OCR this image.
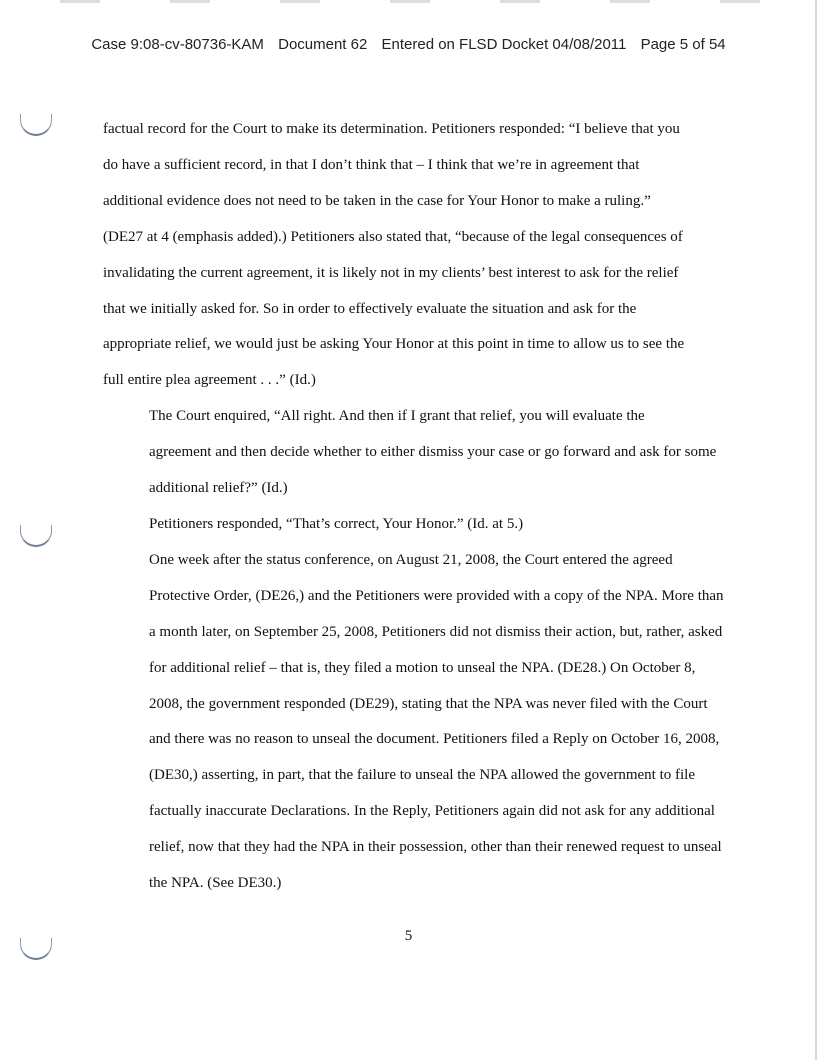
Case 9:08-cv-80736-KAM Document 62 Entered on FLSD Docket 04/08/2011 Page 5 of 54

factual record for the Court to make its determination. Petitioners responded: “I believe that you
do have a sufficient record, in that I don’t think that – I think that we’re in agreement that
additional evidence does not need to be taken in the case for Your Honor to make a ruling.”
(DE27 at 4 (emphasis added).) Petitioners also stated that, “because of the legal consequences of
invalidating the current agreement, it is likely not in my clients’ best interest to ask for the relief
that we initially asked for. So in order to effectively evaluate the situation and ask for the
appropriate relief, we would just be asking Your Honor at this point in time to allow us to see the
full entire plea agreement . . .” (Id.)

The Court enquired, “All right. And then if I grant that relief, you will evaluate the
agreement and then decide whether to either dismiss your case or go forward and ask for some
additional relief?” (Id.)

Petitioners responded, “That’s correct, Your Honor.” (Id. at 5.)

One week after the status conference, on August 21, 2008, the Court entered the agreed
Protective Order, (DE26,) and the Petitioners were provided with a copy of the NPA. More than
a month later, on September 25, 2008, Petitioners did not dismiss their action, but, rather, asked
for additional relief – that is, they filed a motion to unseal the NPA. (DE28.) On October 8,
2008, the government responded (DE29), stating that the NPA was never filed with the Court
and there was no reason to unseal the document. Petitioners filed a Reply on October 16, 2008,
(DE30,) asserting, in part, that the failure to unseal the NPA allowed the government to file
factually inaccurate Declarations. In the Reply, Petitioners again did not ask for any additional
relief, now that they had the NPA in their possession, other than their renewed request to unseal
the NPA. (See DE30.)

5
